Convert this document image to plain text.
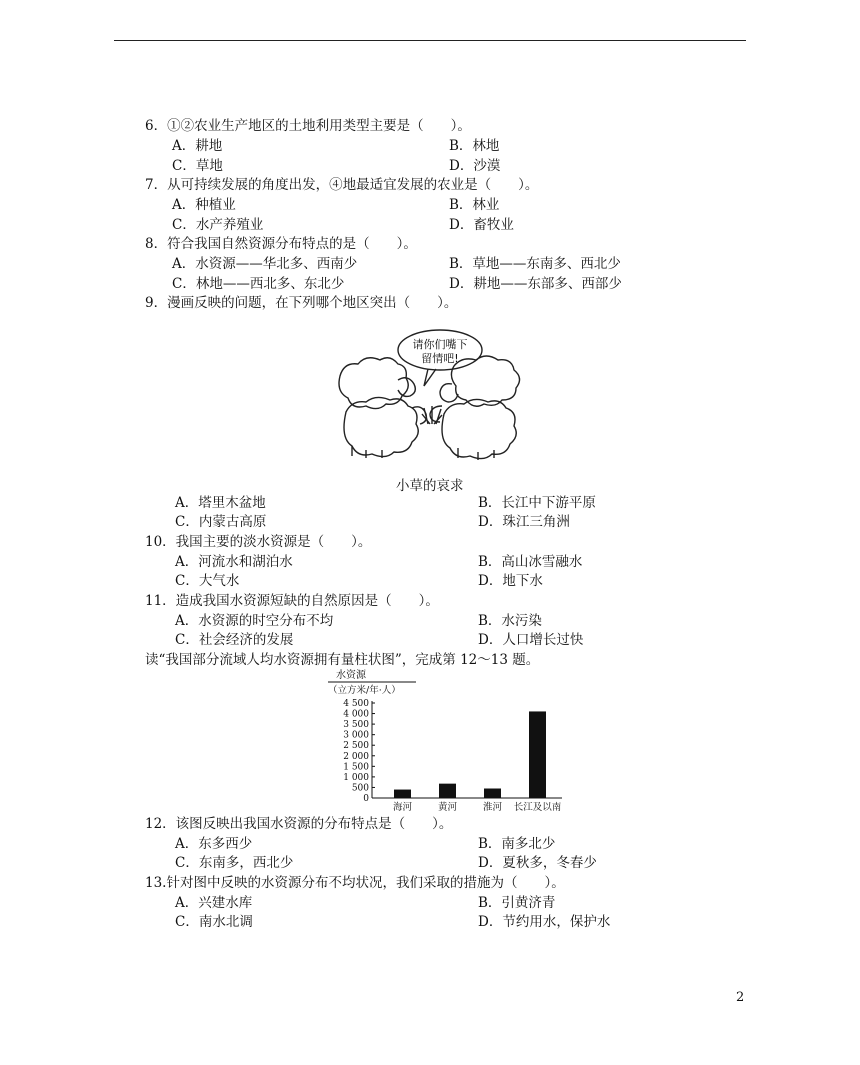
6．①②农业生产地区的土地利用类型主要是（　　）。
A．耕地	B．林地
C．草地	D．沙漠
7．从可持续发展的角度出发，④地最适宜发展的农业是（　　）。
A．种植业	B．林业
C．水产养殖业	D．畜牧业
8．符合我国自然资源分布特点的是（　　）。
A．水资源——华北多、西南少	B．草地——东南多、西北少
C．林地——西北多、东北少	D．耕地——东部多、西部少
9．漫画反映的问题，在下列哪个地区突出（　　）。
请你们嘴下
留情吧!
小草的哀求
A．塔里木盆地	B．长江中下游平原
C．内蒙古高原	D．珠江三角洲
10．我国主要的淡水资源是（　　）。
A．河流水和湖泊水	B．高山冰雪融水
C．大气水	D．地下水
11．造成我国水资源短缺的自然原因是（　　）。
A．水资源的时空分布不均	B．水污染
C．社会经济的发展	D．人口增长过快
读“我国部分流域人均水资源拥有量柱状图”，完成第 12～13 题。
水资源
（立方米/年·人）
0
500
1 000
1 500
2 000
2 500
3 000
3 500
4 000
4 500
海河	黄河	淮河 长江及以南
12．该图反映出我国水资源的分布特点是（　　）。
A．东多西少	B．南多北少
C．东南多，西北少	D．夏秋多，冬春少
13.针对图中反映的水资源分布不均状况，我们采取的措施为（　　）。
A．兴建水库	B．引黄济青
C．南水北调	D．节约用水，保护水
2
